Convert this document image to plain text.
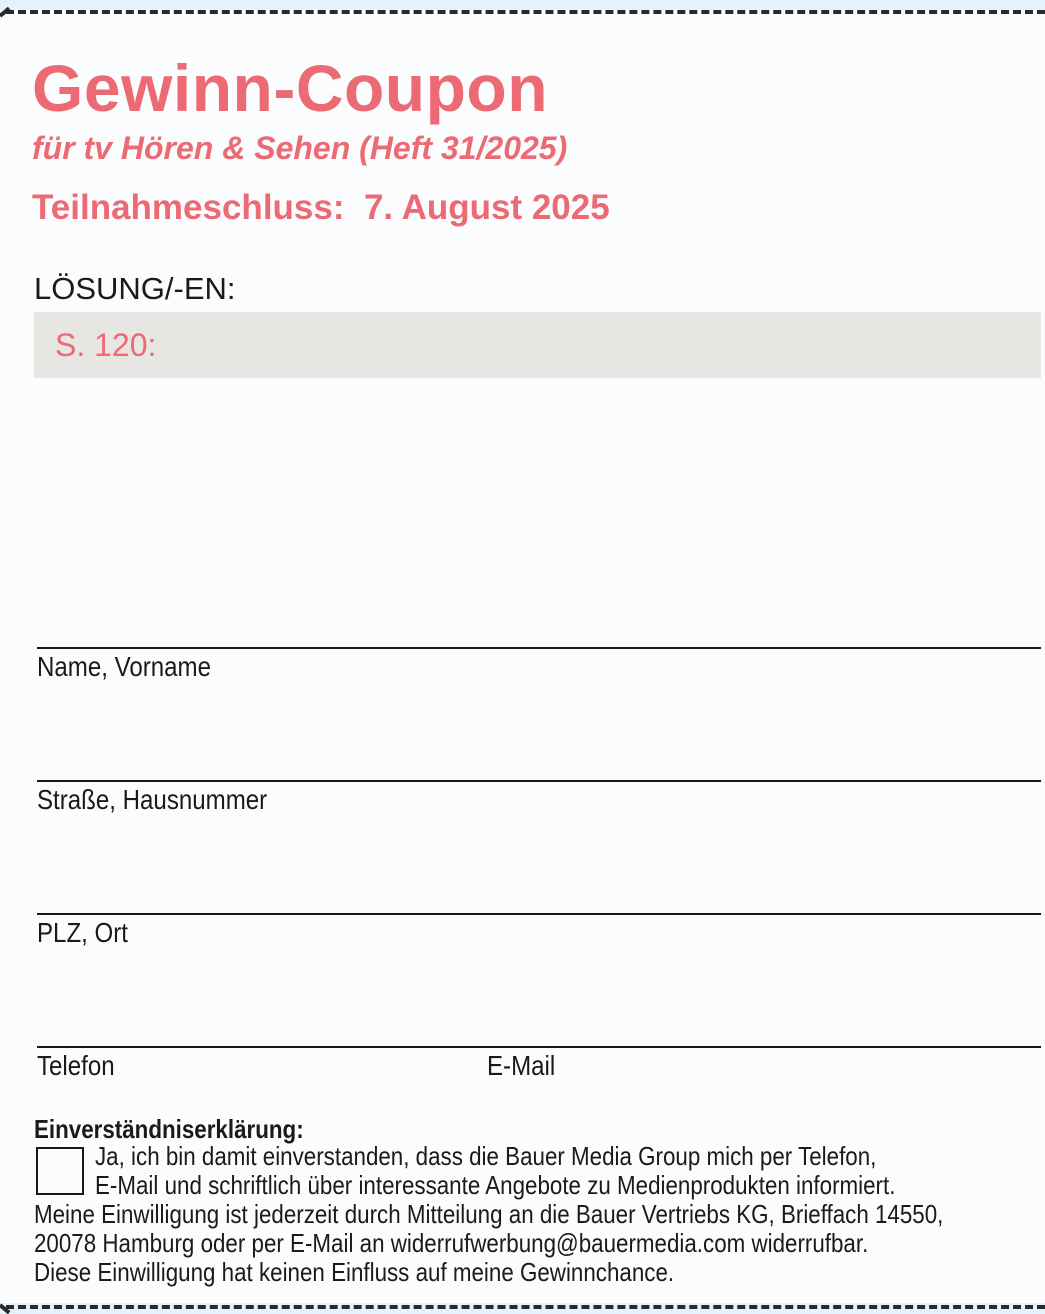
Gewinn-Coupon
für tv Hören & Sehen (Heft 31/2025)
Teilnahmeschluss:  7. August 2025
LÖSUNG/-EN:
S. 120:
Name, Vorname
Straße, Hausnummer
PLZ, Ort
Telefon	E-Mail
Einverständniserklärung:
Ja, ich bin damit einverstanden, dass die Bauer Media Group mich per Telefon,
E-Mail und schriftlich über interessante Angebote zu Medienprodukten informiert.
Meine Einwilligung ist jederzeit durch Mitteilung an die Bauer Vertriebs KG, Brieffach 14550,
20078 Hamburg oder per E-Mail an widerrufwerbung@bauermedia.com widerrufbar.
Diese Einwilligung hat keinen Einfluss auf meine Gewinnchance.
